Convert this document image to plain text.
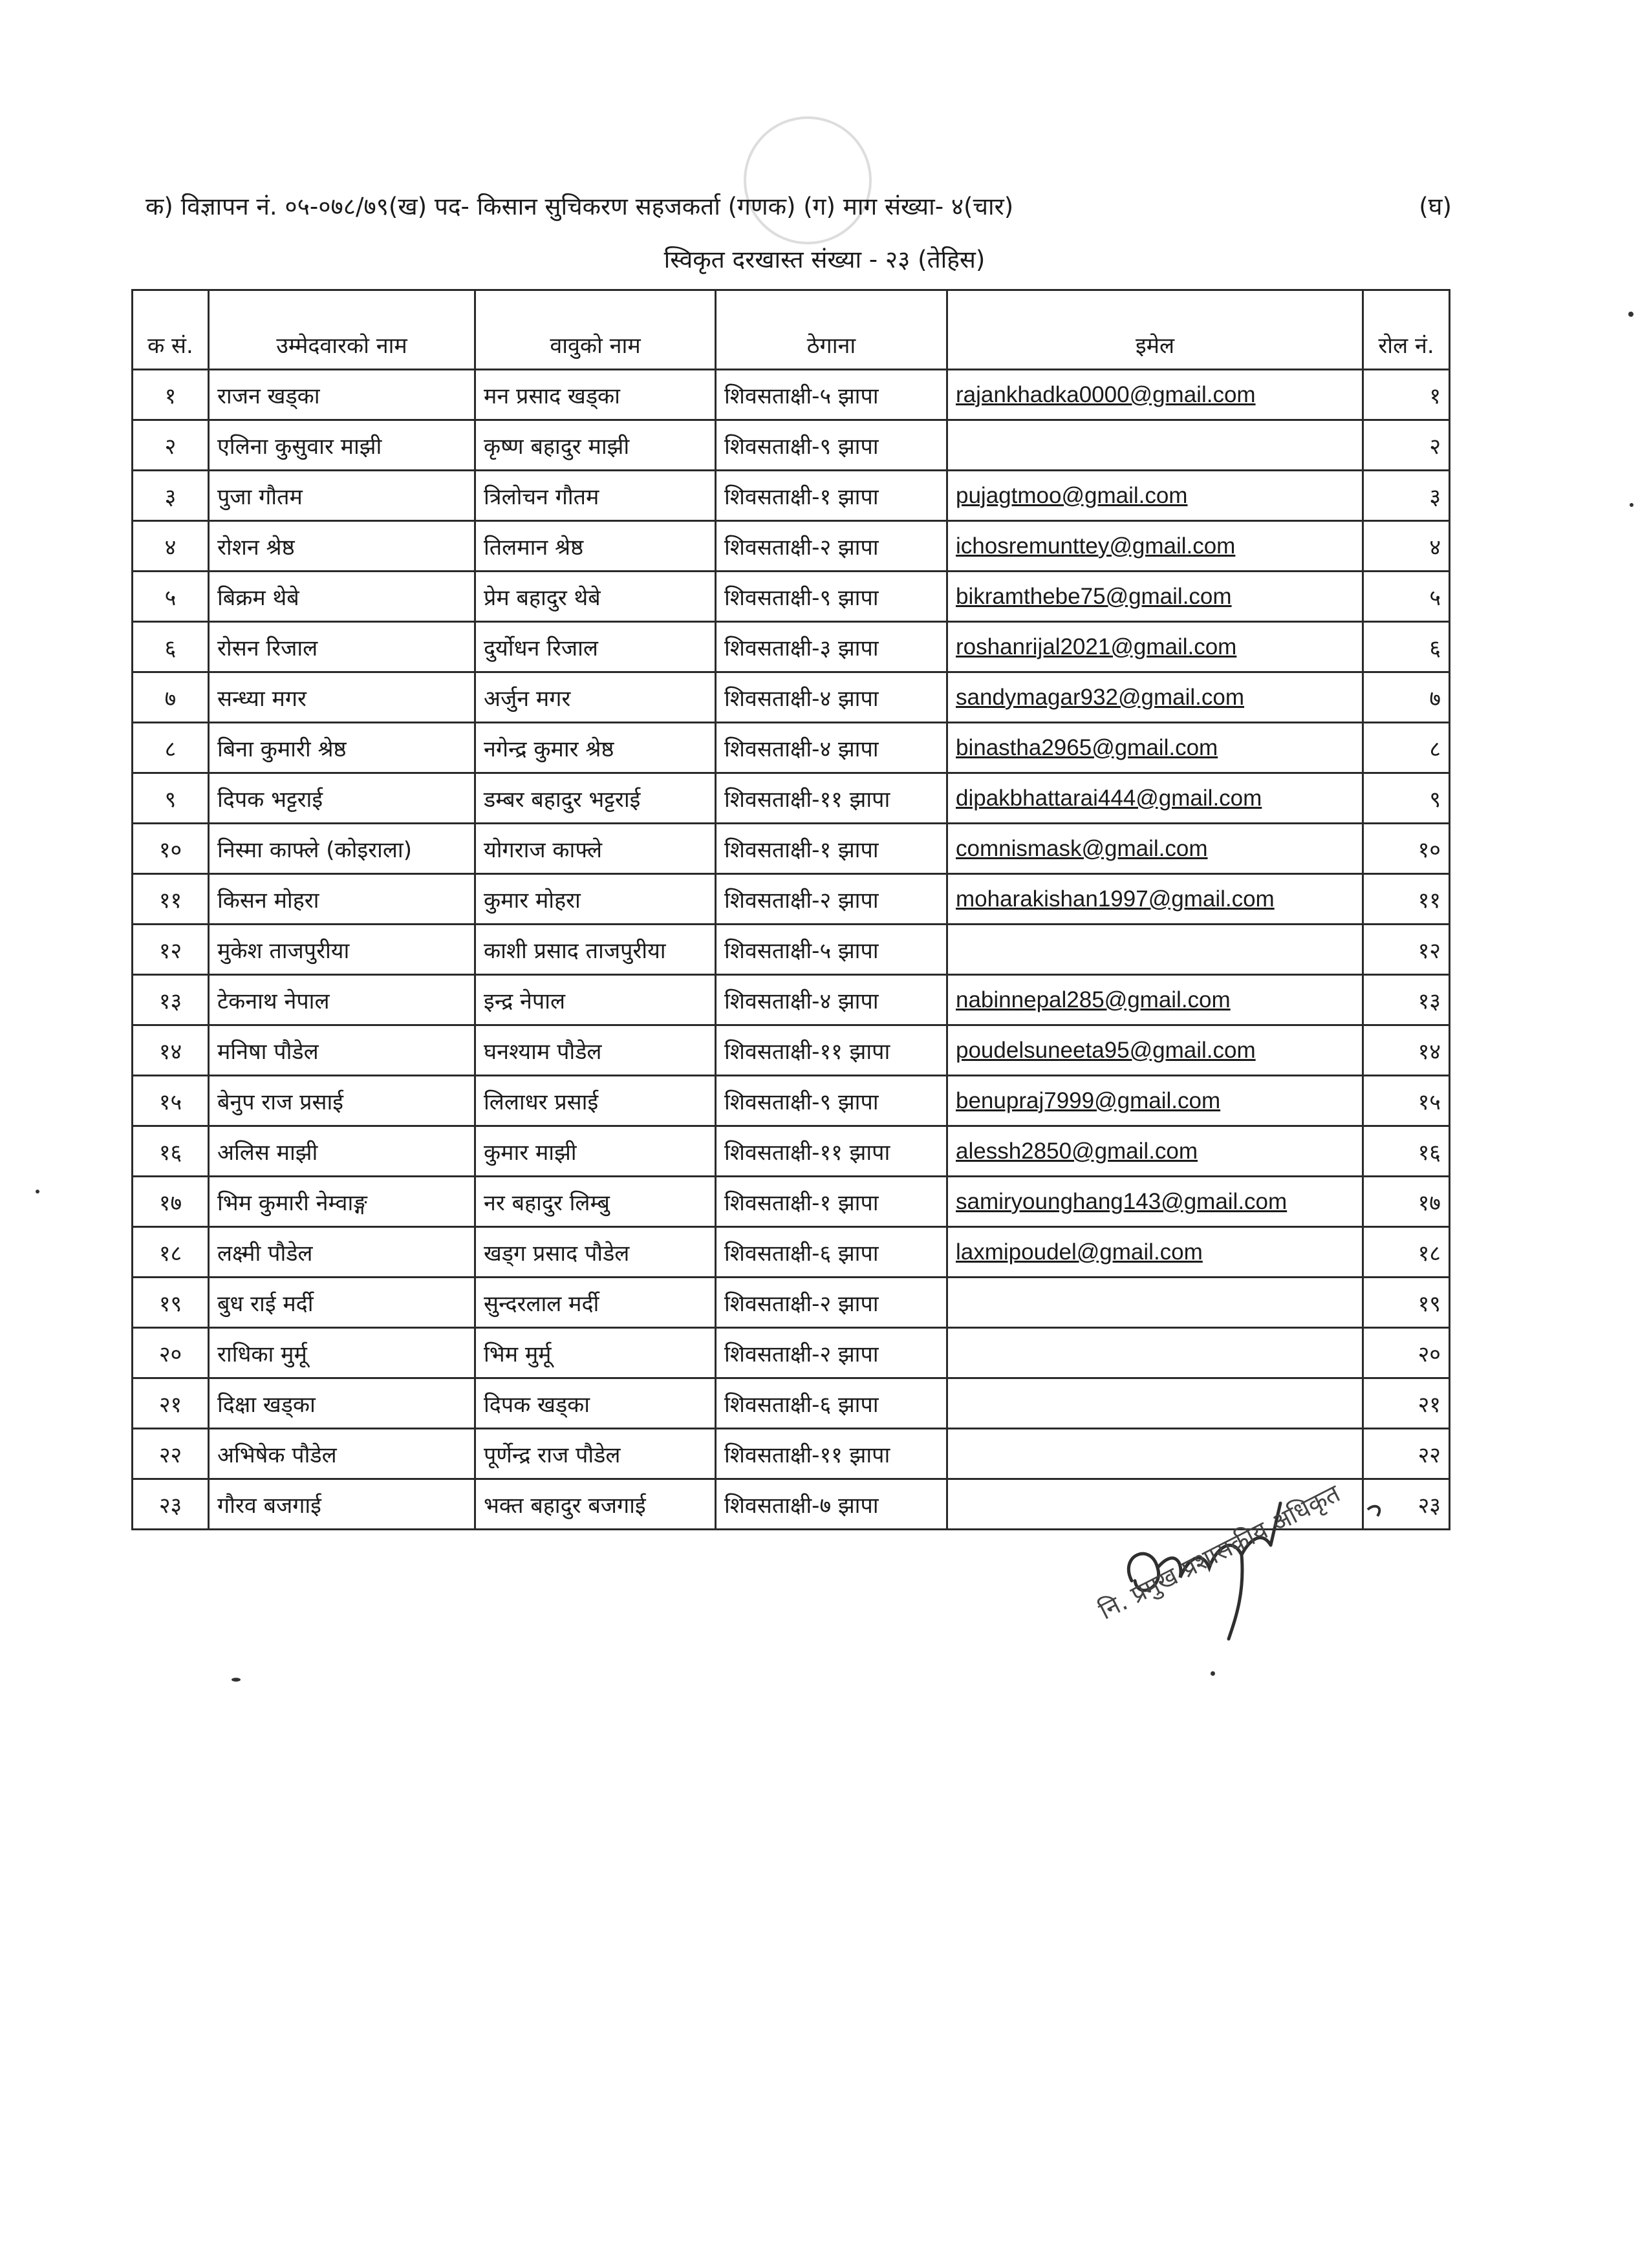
क) विज्ञापन नं. ०५-०७८/७९(ख) पद- किसान सुचिकरण सहजकर्ता (गणक) (ग) माग संख्या- ४(चार)	(घ)
स्विकृत दरखास्त संख्या - २३ (तेहिस)
क सं.	उम्मेदवारको नाम	वावुको नाम	ठेगाना	इमेल	रोल नं.
१	राजन खड्का	मन प्रसाद खड्का	शिवसताक्षी-५ झापा	rajankhadka0000@gmail.com	१
२	एलिना कुसुवार माझी	कृष्ण बहादुर माझी	शिवसताक्षी-९ झापा		२
३	पुजा गौतम	त्रिलोचन गौतम	शिवसताक्षी-१ झापा	pujagtmoo@gmail.com	३
४	रोशन श्रेष्ठ	तिलमान श्रेष्ठ	शिवसताक्षी-२ झापा	ichosremunttey@gmail.com	४
५	बिक्रम थेबे	प्रेम बहादुर थेबे	शिवसताक्षी-९ झापा	bikramthebe75@gmail.com	५
६	रोसन रिजाल	दुर्योधन रिजाल	शिवसताक्षी-३ झापा	roshanrijal2021@gmail.com	६
७	सन्ध्या मगर	अर्जुन मगर	शिवसताक्षी-४ झापा	sandymagar932@gmail.com	७
८	बिना कुमारी श्रेष्ठ	नगेन्द्र कुमार श्रेष्ठ	शिवसताक्षी-४ झापा	binastha2965@gmail.com	८
९	दिपक भट्टराई	डम्बर बहादुर भट्टराई	शिवसताक्षी-११ झापा	dipakbhattarai444@gmail.com	९
१०	निस्मा काफ्ले (कोइराला)	योगराज काफ्ले	शिवसताक्षी-१ झापा	comnismask@gmail.com	१०
११	किसन मोहरा	कुमार मोहरा	शिवसताक्षी-२ झापा	moharakishan1997@gmail.com	११
१२	मुकेश ताजपुरीया	काशी प्रसाद ताजपुरीया	शिवसताक्षी-५ झापा		१२
१३	टेकनाथ नेपाल	इन्द्र नेपाल	शिवसताक्षी-४ झापा	nabinnepal285@gmail.com	१३
१४	मनिषा पौडेल	घनश्याम पौडेल	शिवसताक्षी-११ झापा	poudelsuneeta95@gmail.com	१४
१५	बेनुप राज प्रसाई	लिलाधर प्रसाई	शिवसताक्षी-९ झापा	benupraj7999@gmail.com	१५
१६	अलिस माझी	कुमार माझी	शिवसताक्षी-११ झापा	alessh2850@gmail.com	१६
१७	भिम कुमारी नेम्वाङ्ग	नर बहादुर लिम्बु	शिवसताक्षी-१ झापा	samiryounghang143@gmail.com	१७
१८	लक्ष्मी पौडेल	खड्ग प्रसाद पौडेल	शिवसताक्षी-६ झापा	laxmipoudel@gmail.com	१८
१९	बुध राई मर्दी	सुन्दरलाल मर्दी	शिवसताक्षी-२ झापा		१९
२०	राधिका मुर्मू	भिम मुर्मू	शिवसताक्षी-२ झापा		२०
२१	दिक्षा खड्का	दिपक खड्का	शिवसताक्षी-६ झापा		२१
२२	अभिषेक पौडेल	पूर्णेन्द्र राज पौडेल	शिवसताक्षी-११ झापा		२२
२३	गौरव बजगाई	भक्त बहादुर बजगाई	शिवसताक्षी-७ झापा		२३
नि. प्रमुख प्रशासकीय अधिकृत
